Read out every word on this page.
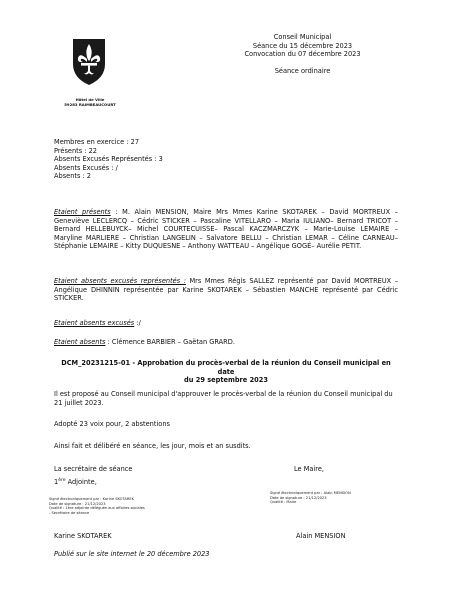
Hôtel de Ville
59283 RAIMBEAUCOURT
Conseil Municipal
Séance du 15 décembre 2023
Convocation du 07 décembre 2023
Séance ordinaire
Membres en exercice : 27
Présents : 22
Absents Excusés Représentés : 3
Absents Excusés : /
Absents : 2
Etaient présents : M. Alain MENSION, Maire Mrs Mmes Karine SKOTAREK – David MORTREUX – Geneviève LECLERCQ – Cédric STICKER – Pascaline VITELLARO – Maria IULIANO– Bernard TRICOT – Bernard HELLEBUYCK– Michel COURTECUISSE– Pascal KACZMARCZYK – Marie-Louise LEMAIRE – Maryline MARLIERE – Christian LANGELIN – Salvatore BELLU – Christian LEMAR – Céline CARNEAU– Stéphanie LEMAIRE – Kitty DUQUESNE – Anthony WATTEAU – Angélique GOGÉ– Aurélie PETIT.
Etaient absents excusés représentés : Mrs Mmes Régis SALLEZ représenté par David MORTREUX – Angélique DHINNIN représentée par Karine SKOTAREK – Sébastien MANCHE représenté par Cédric STICKER.
Etaient absents excusés :/
Etaient absents : Clémence BARBIER – Gaëtan GRARD.
DCM_20231215-01 - Approbation du procès-verbal de la réunion du Conseil municipal en date
du 29 septembre 2023
Il est proposé au Conseil municipal d'approuver le procès-verbal de la réunion du Conseil municipal du 21 juillet 2023.
Adopté 23 voix pour, 2 abstentions
Ainsi fait et délibéré en séance, les jour, mois et an susdits.
La secrétaire de séance	Le Maire,
1ère Adjointe,
Signé électroniquement par : Karine SKOTAREK
Date de signature : 21/12/2023
Qualité : 1ère adjointe déléguée aux affaires sociales
- Secrétaire de séance
Signé électroniquement par : Alain MENSION
Date de signature : 21/12/2023
Qualité : Maire
Karine SKOTAREK	Alain MENSION
Publié sur le site internet le 20 décembre 2023
